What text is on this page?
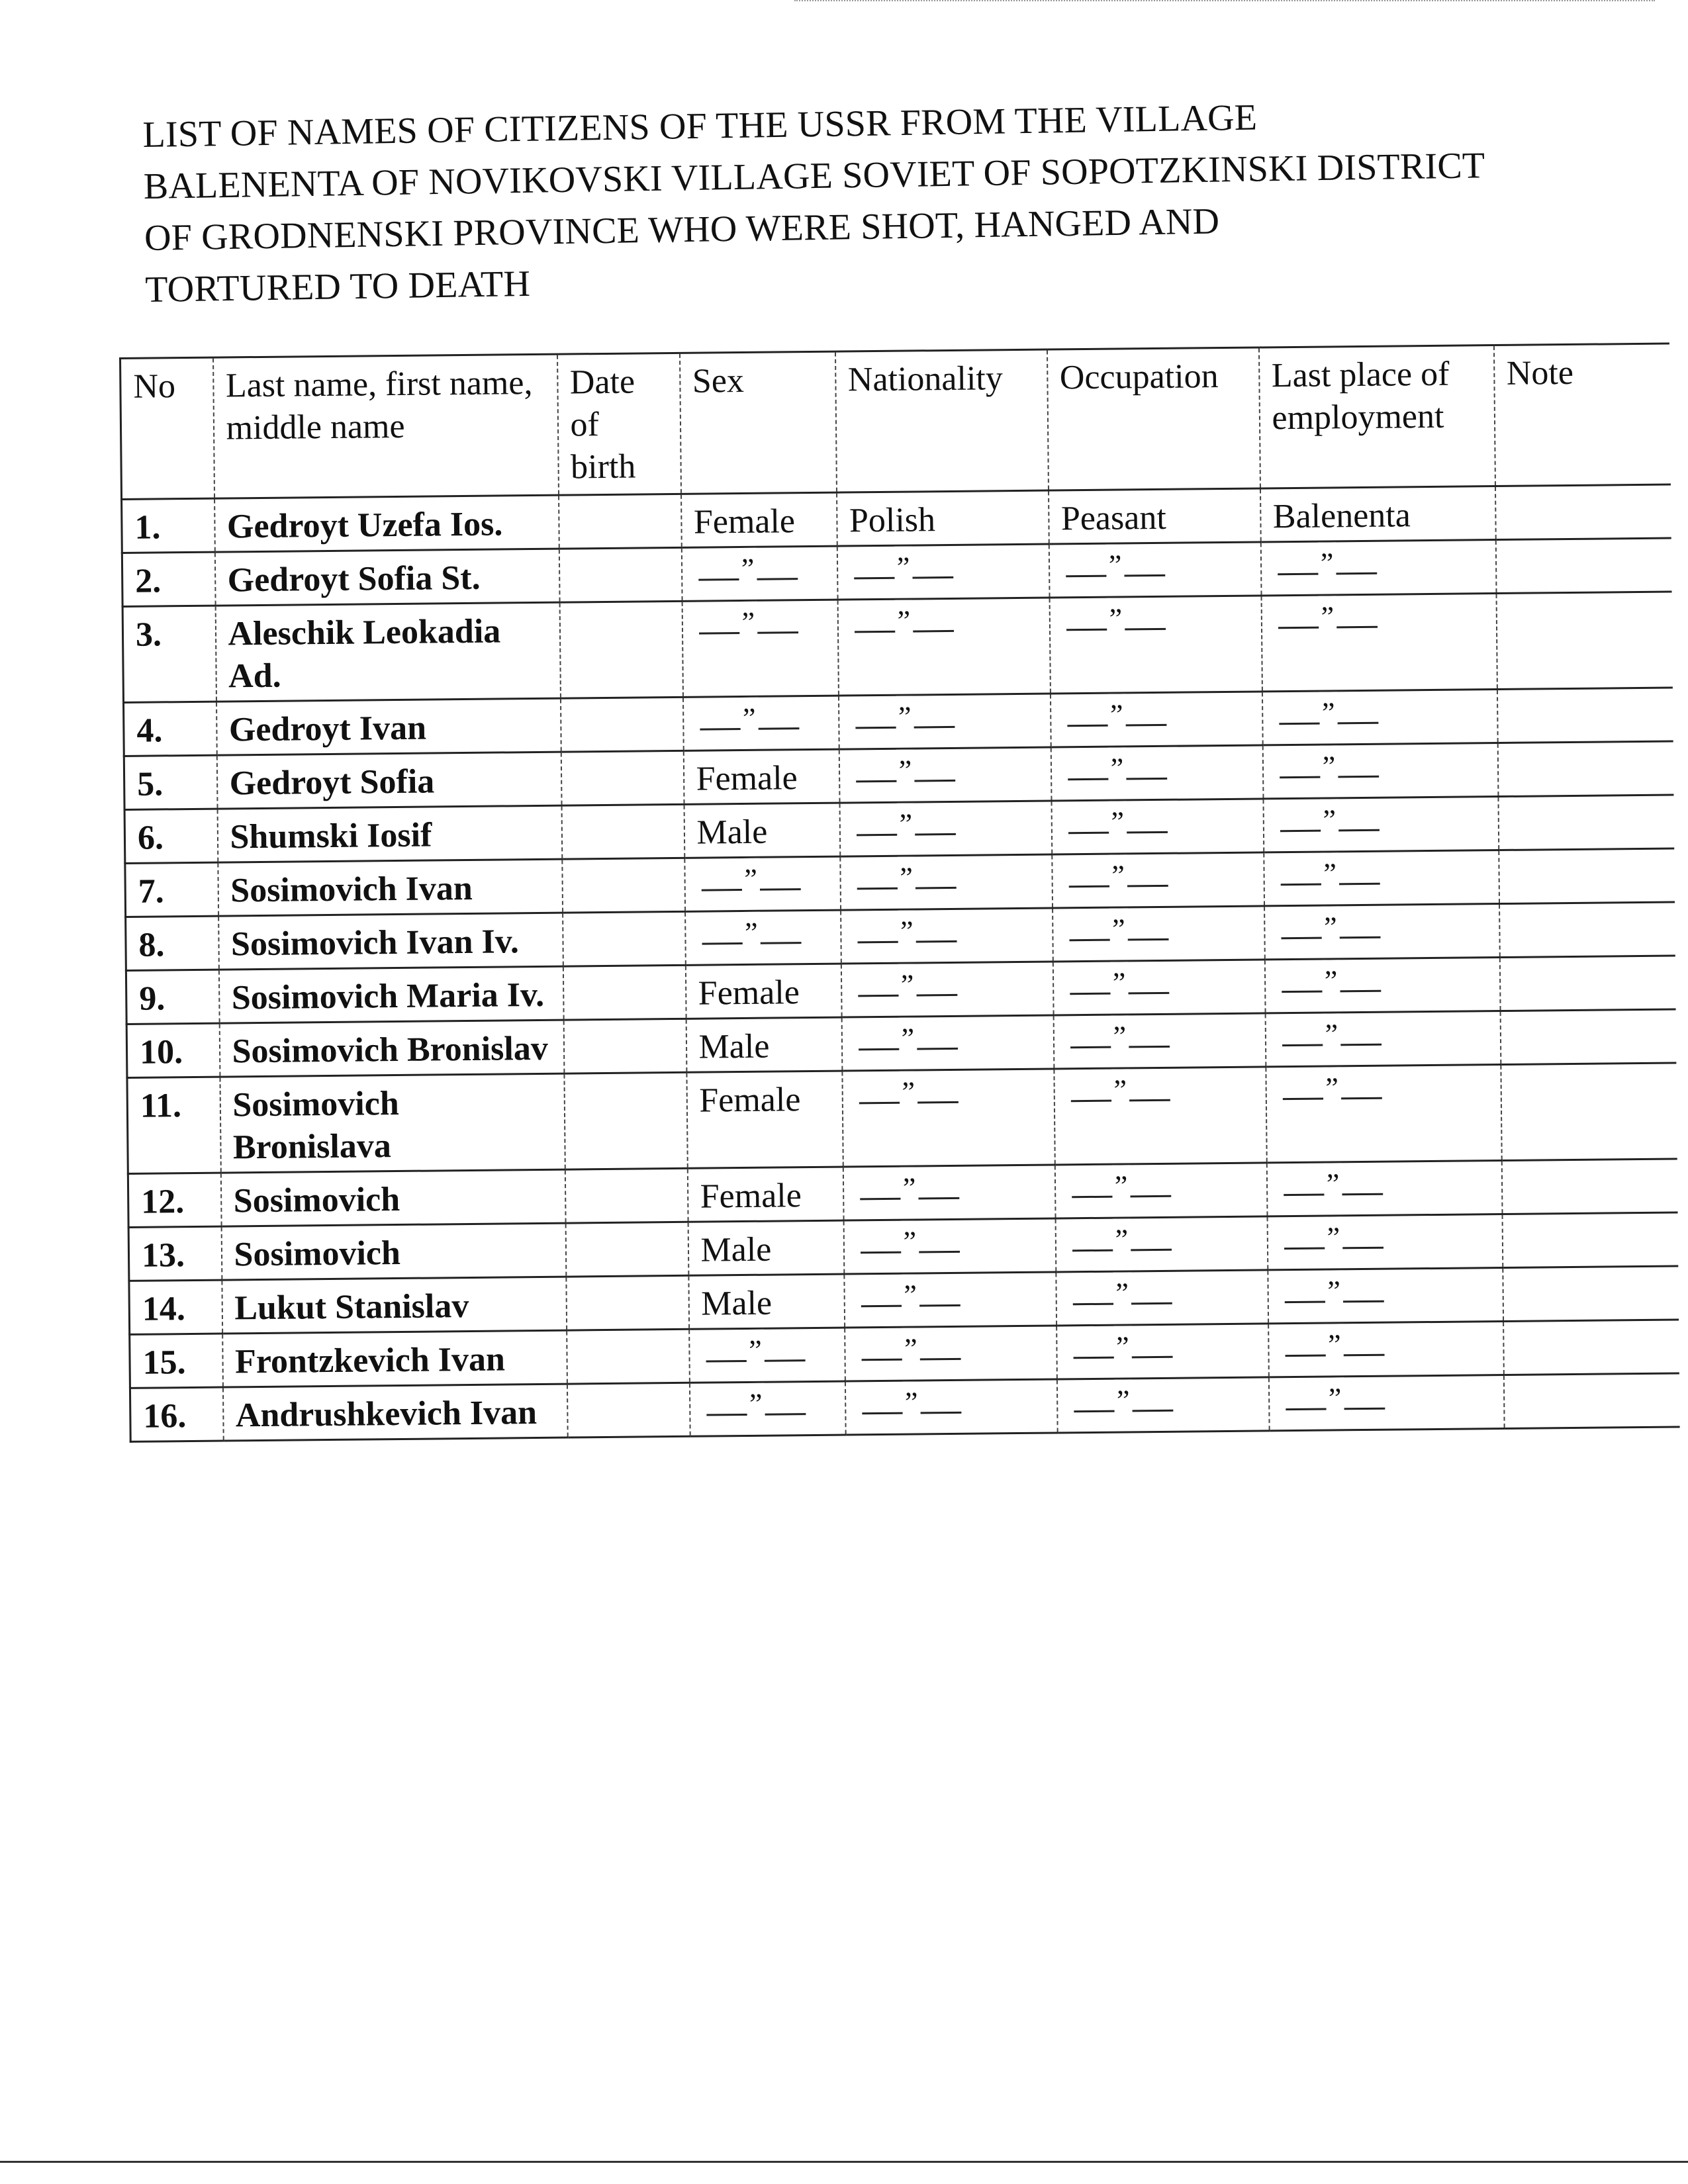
LIST OF NAMES OF CITIZENS OF THE USSR FROM THE VILLAGE
BALENENTA OF NOVIKOVSKI VILLAGE SOVIET OF SOPOTZKINSKI DISTRICT
OF GRODNENSKI PROVINCE WHO WERE SHOT, HANGED AND
TORTURED TO DEATH
No	Last name, first name, middle name	Date of birth	Sex	Nationality	Occupation	Last place of employment	Note
1.	Gedroyt Uzefa Ios.		Female	Polish	Peasant	Balenenta	
2.	Gedroyt Sofia St.		”	”	”	”	

3.	Aleschik Leokadia Ad.		”	”	”	”	

4.	Gedroyt Ivan		”	”	”	”	

5.	Gedroyt Sofia		Female	”	”	”	

6.	Shumski Iosif		Male	”	”	”	

7.	Sosimovich Ivan		”	”	”	”	

8.	Sosimovich Ivan Iv.		”	”	”	”	

9.	Sosimovich Maria Iv.		Female	”	”	”	

10.	Sosimovich Bronislav		Male	”	”	”	

11.	Sosimovich Bronislava		Female	”	”	”	

12.	Sosimovich		Female	”	”	”	

13.	Sosimovich		Male	”	”	”	

14.	Lukut Stanislav		Male	”	”	”	

15.	Frontzkevich Ivan		”	”	”	”	

16.	Andrushkevich Ivan		”	”	”	”	
